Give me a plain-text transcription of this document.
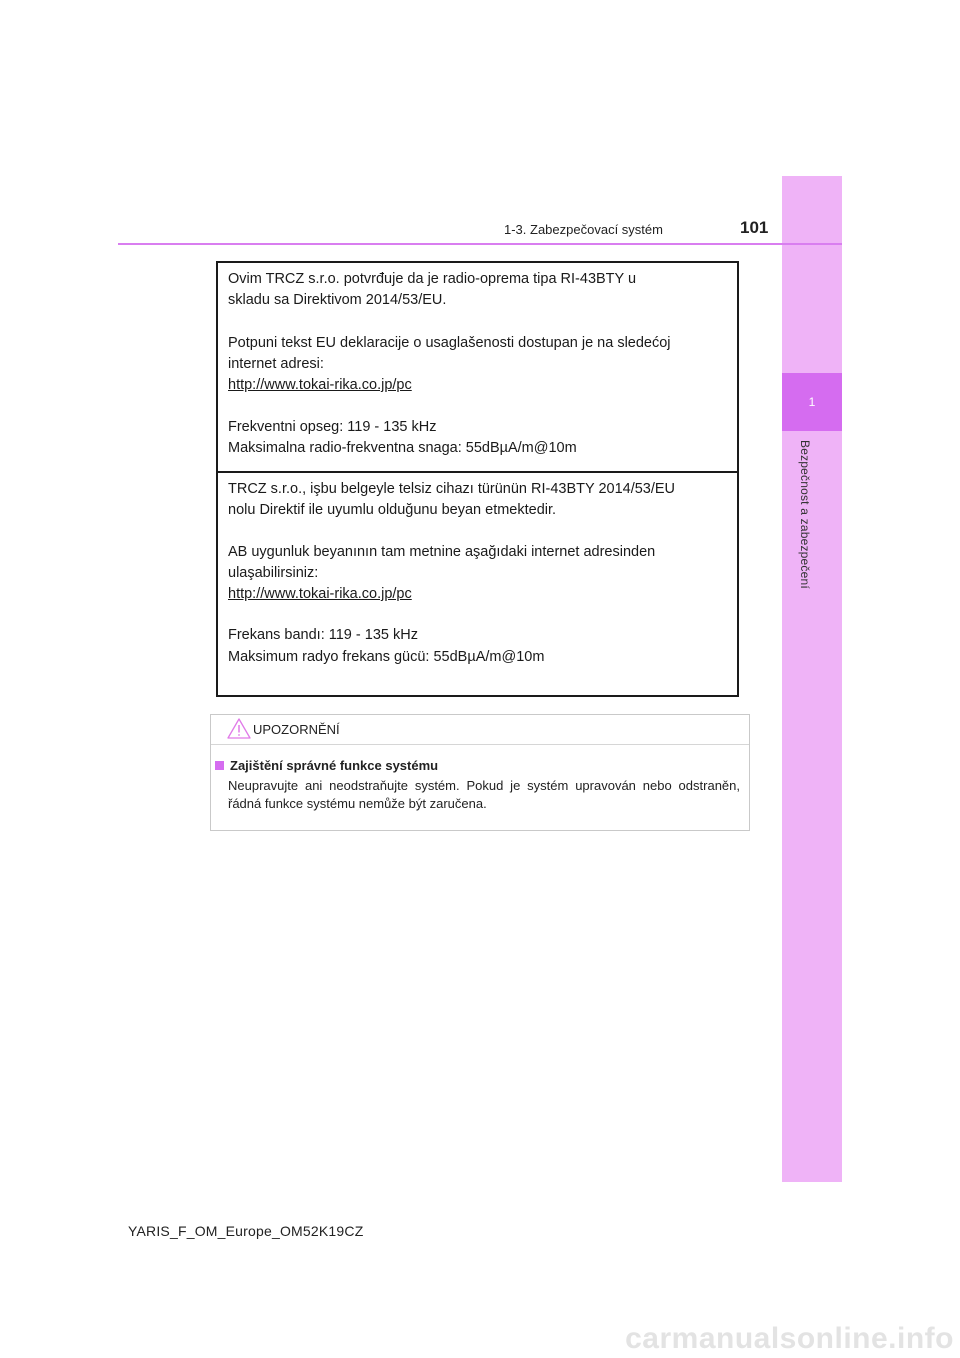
1
Bezpečnost a zabezpečení
1-3. Zabezpečovací systém	101
Ovim TRCZ s.r.o. potvrđuje da je radio-oprema tipa RI-43BTY u
skladu sa Direktivom 2014/53/EU.
Potpuni tekst EU deklaracije o usaglašenosti dostupan je na sledećoj
internet adresi:
http://www.tokai-rika.co.jp/pc
Frekventni opseg: 119 - 135 kHz
Maksimalna radio-frekventna snaga: 55dBµA/m@10m
TRCZ s.r.o., işbu belgeyle telsiz cihazı türünün RI-43BTY 2014/53/EU
nolu Direktif ile uyumlu olduğunu beyan etmektedir.
AB uygunluk beyanının tam metnine aşağıdaki internet adresinden
ulaşabilirsiniz:
http://www.tokai-rika.co.jp/pc
Frekans bandı: 119 - 135 kHz
Maksimum radyo frekans gücü: 55dBµA/m@10m
UPOZORNĚNÍ
Zajištění správné funkce systému
Neupravujte ani neodstraňujte systém. Pokud je systém upravován nebo odstraněn, řádná funkce systému nemůže být zaručena.
YARIS_F_OM_Europe_OM52K19CZ
carmanualsonline.info
